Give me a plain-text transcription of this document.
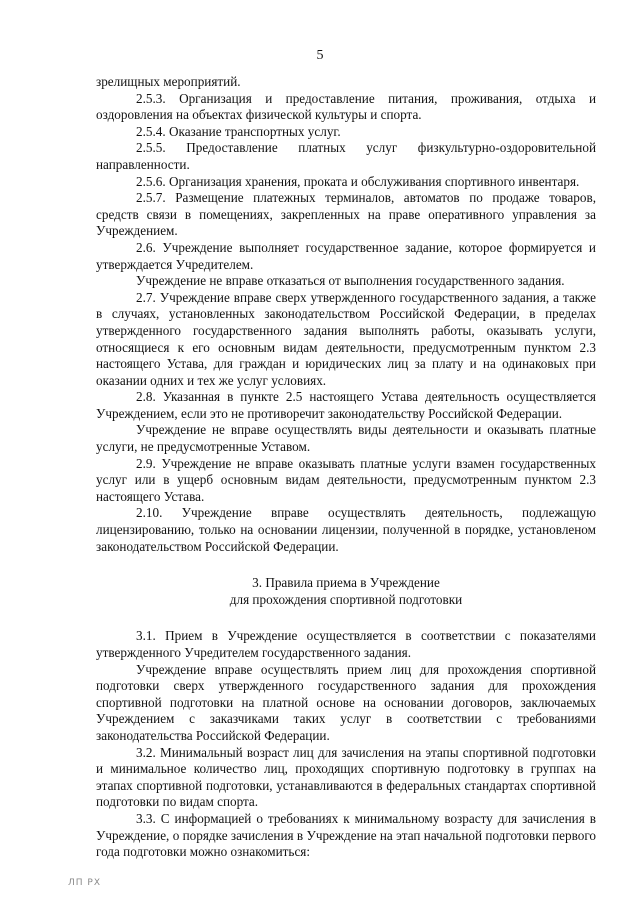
5

зрелищных мероприятий.

2.5.3. Организация и предоставление питания, проживания, отдыха и оздоровления на объектах физической культуры и спорта.

2.5.4. Оказание транспортных услуг.

2.5.5. Предоставление платных услуг физкультурно-оздоровительной направленности.

2.5.6. Организация хранения, проката и обслуживания спортивного инвентаря.

2.5.7. Размещение платежных терминалов, автоматов по продаже товаров, средств связи в помещениях, закрепленных на праве оперативного управления за Учреждением.

2.6. Учреждение выполняет государственное задание, которое формируется и утверждается Учредителем.

Учреждение не вправе отказаться от выполнения государственного задания.

2.7. Учреждение вправе сверх утвержденного государственного задания, а также в случаях, установленных законодательством Российской Федерации, в пределах утвержденного государственного задания выполнять работы, оказывать услуги, относящиеся к его основным видам деятельности, предусмотренным пунктом 2.3 настоящего Устава, для граждан и юридических лиц за плату и на одинаковых при оказании одних и тех же услуг условиях.

2.8. Указанная в пункте 2.5 настоящего Устава деятельность осуществляется Учреждением, если это не противоречит законодательству Российской Федерации.

Учреждение не вправе осуществлять виды деятельности и оказывать платные услуги, не предусмотренные Уставом.

2.9. Учреждение не вправе оказывать платные услуги взамен государственных услуг или в ущерб основным видам деятельности, предусмотренным пунктом 2.3 настоящего Устава.

2.10. Учреждение вправе осуществлять деятельность, подлежащую лицензированию, только на основании лицензии, полученной в порядке, установленом законодательством Российской Федерации.

3. Правила приема в Учреждение
для прохождения спортивной подготовки

3.1. Прием в Учреждение осуществляется в соответствии с показателями утвержденного Учредителем государственного задания.

Учреждение вправе осуществлять прием лиц для прохождения спортивной подготовки сверх утвержденного государственного задания для прохождения спортивной подготовки на платной основе на основании договоров, заключаемых Учреждением с заказчиками таких услуг в соответствии с требованиями законодательства Российской Федерации.

3.2. Минимальный возраст лиц для зачисления на этапы спортивной подготовки и минимальное количество лиц, проходящих спортивную подготовку в группах на этапах спортивной подготовки, устанавливаются в федеральных стандартах спортивной подготовки по видам спорта.

3.3. С информацией о требованиях к минимальному возрасту для зачисления в Учреждение, о порядке зачисления в Учреждение на этап начальной подготовки первого года подготовки можно ознакомиться:

ЛП РХ
